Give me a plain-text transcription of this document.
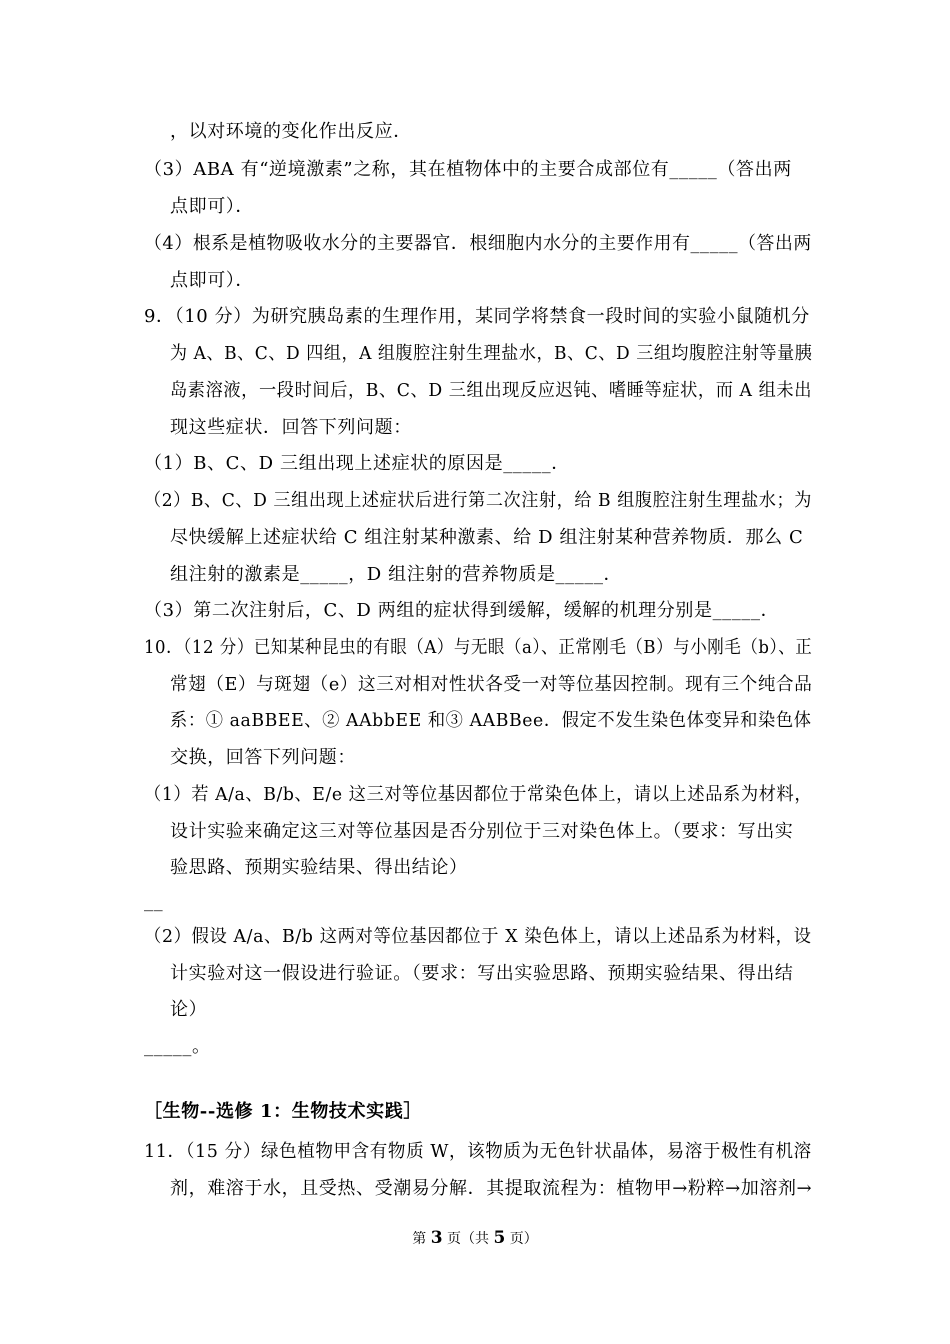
，以对环境的变化作出反应．
（3）ABA 有“逆境激素”之称，其在植物体中的主要合成部位有_____（答出两
点即可）．
（4）根系是植物吸收水分的主要器官．根细胞内水分的主要作用有_____（答出两
点即可）．
9．（10 分）为研究胰岛素的生理作用，某同学将禁食一段时间的实验小鼠随机分
为 A、B、C、D 四组，A 组腹腔注射生理盐水，B、C、D 三组均腹腔注射等量胰
岛素溶液，一段时间后，B、C、D 三组出现反应迟钝、嗜睡等症状，而 A 组未出
现这些症状．回答下列问题：
（1）B、C、D 三组出现上述症状的原因是_____．
（2）B、C、D 三组出现上述症状后进行第二次注射，给 B 组腹腔注射生理盐水；为
尽快缓解上述症状给 C 组注射某种激素、给 D 组注射某种营养物质．那么 C
组注射的激素是_____，D 组注射的营养物质是_____．
（3）第二次注射后，C、D 两组的症状得到缓解，缓解的机理分别是_____．
10．（12 分）已知某种昆虫的有眼（A）与无眼（a）、正常刚毛（B）与小刚毛（b）、正
常翅（E）与斑翅（e）这三对相对性状各受一对等位基因控制。现有三个纯合品
系：① aaBBEE、② AAbbEE 和③ AABBee．假定不发生染色体变异和染色体
交换，回答下列问题：
（1）若 A/a、B/b、E/e 这三对等位基因都位于常染色体上，请以上述品系为材料，
设计实验来确定这三对等位基因是否分别位于三对染色体上。（要求：写出实
验思路、预期实验结果、得出结论）
__
（2）假设 A/a、B/b 这两对等位基因都位于 X 染色体上，请以上述品系为材料，设
计实验对这一假设进行验证。（要求：写出实验思路、预期实验结果、得出结
论）
_____。
［生物--选修 1：生物技术实践］
11．（15 分）绿色植物甲含有物质 W，该物质为无色针状晶体，易溶于极性有机溶
剂，难溶于水，且受热、受潮易分解．其提取流程为：植物甲→粉粹→加溶剂→
第 3 页（共 5 页）
